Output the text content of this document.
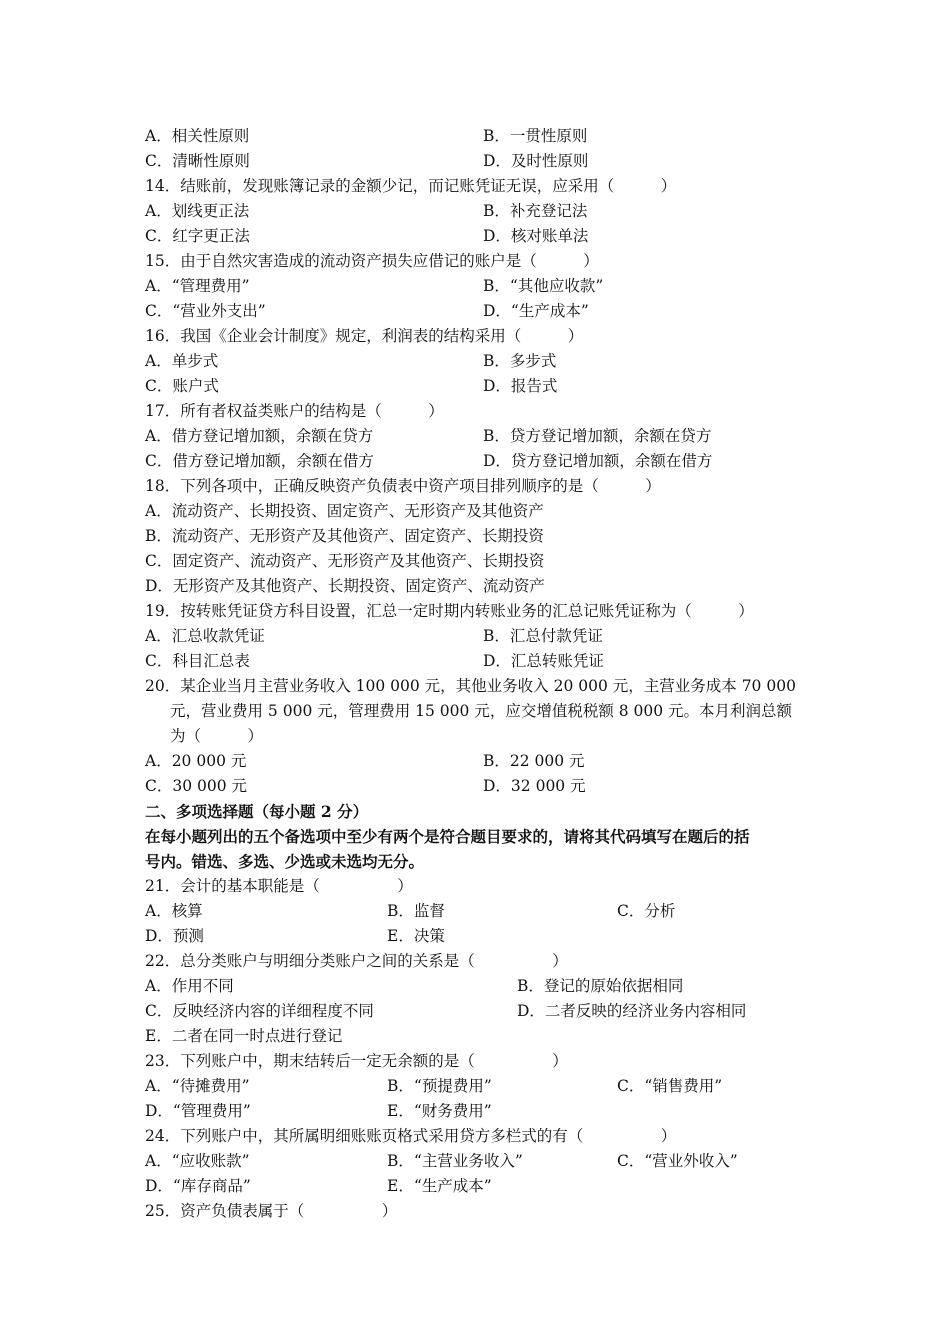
A．相关性原则	B．一贯性原则
C．清晰性原则	D．及时性原则
14．结账前，发现账簿记录的金额少记，而记账凭证无误，应采用（　　　）
A．划线更正法	B．补充登记法
C．红字更正法	D．核对账单法
15．由于自然灾害造成的流动资产损失应借记的账户是（　　　）
A．“管理费用”	B．“其他应收款”
C．“营业外支出”	D．“生产成本”
16．我国《企业会计制度》规定，利润表的结构采用（　　　）
A．单步式	B．多步式
C．账户式	D．报告式
17．所有者权益类账户的结构是（　　　）
A．借方登记增加额，余额在贷方	B．贷方登记增加额，余额在贷方
C．借方登记增加额，余额在借方	D．贷方登记增加额，余额在借方
18．下列各项中，正确反映资产负债表中资产项目排列顺序的是（　　　）
A．流动资产、长期投资、固定资产、无形资产及其他资产
B．流动资产、无形资产及其他资产、固定资产、长期投资
C．固定资产、流动资产、无形资产及其他资产、长期投资
D．无形资产及其他资产、长期投资、固定资产、流动资产
19．按转账凭证贷方科目设置，汇总一定时期内转账业务的汇总记账凭证称为（　　　）
A．汇总收款凭证	B．汇总付款凭证
C．科目汇总表	D．汇总转账凭证
20．某企业当月主营业务收入 100 000 元，其他业务收入 20 000 元，主营业务成本 70 000
元，营业费用 5 000 元，管理费用 15 000 元，应交增值税税额 8 000 元。本月利润总额
为（　　　）
A．20 000 元	B．22 000 元
C．30 000 元	D．32 000 元
二、多项选择题（每小题 2 分）
在每小题列出的五个备选项中至少有两个是符合题目要求的，请将其代码填写在题后的括
号内。错选、多选、少选或未选均无分。
21．会计的基本职能是（　　　　　）
A．核算	B．监督	C．分析
D．预测	E．决策
22．总分类账户与明细分类账户之间的关系是（　　　　　）
A．作用不同	B．登记的原始依据相同
C．反映经济内容的详细程度不同	D．二者反映的经济业务内容相同
E．二者在同一时点进行登记
23．下列账户中，期末结转后一定无余额的是（　　　　　）
A．“待摊费用”	B．“预提费用”	C．“销售费用”
D．“管理费用”	E．“财务费用”
24．下列账户中，其所属明细账账页格式采用贷方多栏式的有（　　　　　）
A．“应收账款”	B．“主营业务收入”	C．“营业外收入”
D．“库存商品”	E．“生产成本”
25．资产负债表属于（　　　　　）
